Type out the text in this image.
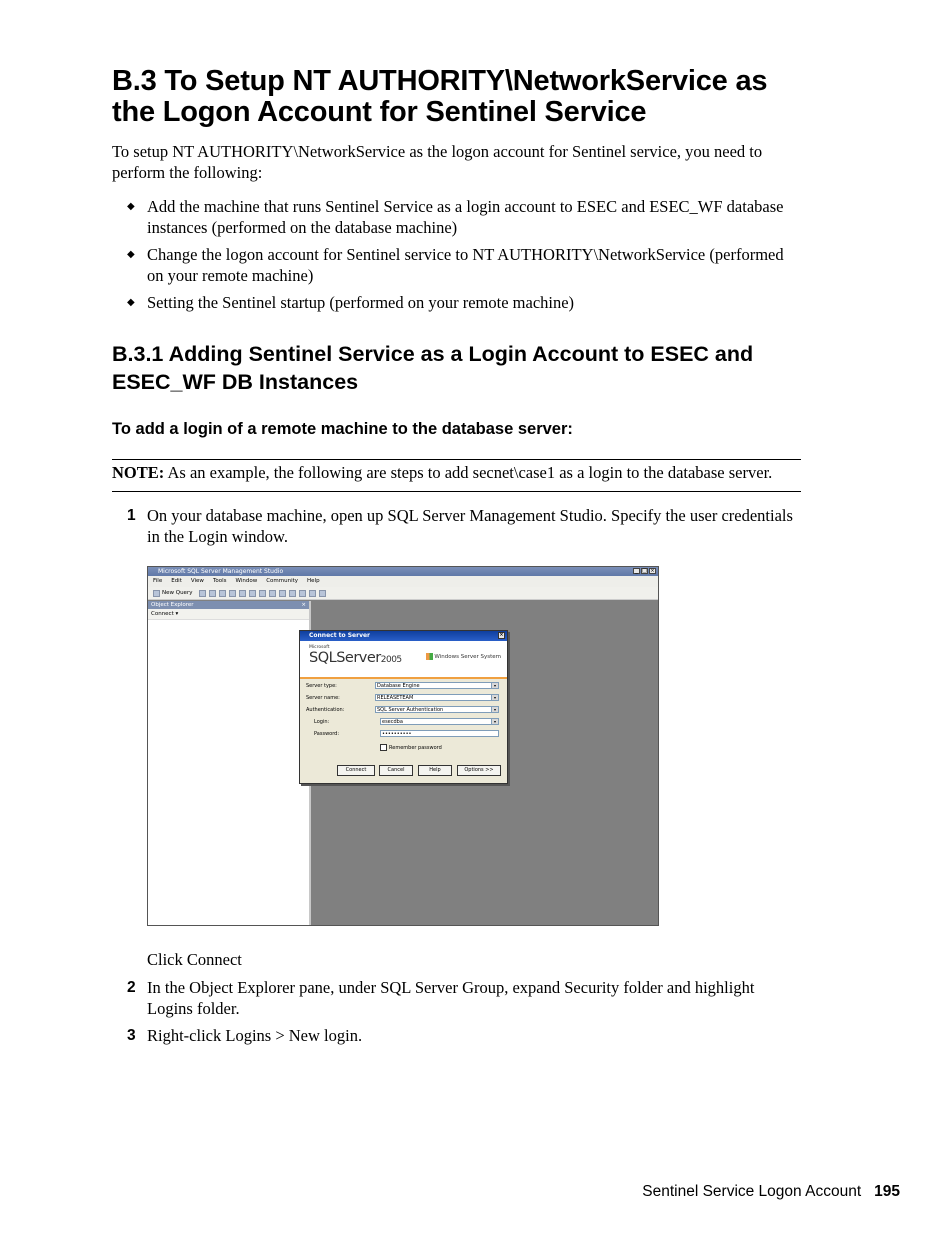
B.3 To Setup NT AUTHORITY\NetworkService as
the Logon Account for Sentinel Service

To setup NT AUTHORITY\NetworkService as the logon account for Sentinel service, you need to perform the following:

◆ Add the machine that runs Sentinel Service as a login account to ESEC and ESEC_WF database instances (performed on the database machine)
◆ Change the logon account for Sentinel service to NT AUTHORITY\NetworkService (performed on your remote machine)
◆ Setting the Sentinel startup (performed on your remote machine)
B.3.1 Adding Sentinel Service as a Login Account to ESEC and
ESEC_WF DB Instances

To add a login of a remote machine to the database server:

NOTE: As an example, the following are steps to add secnet\case1 as a login to the database server.
1 On your database machine, open up SQL Server Management Studio. Specify the user credentials in the Login window.
Microsoft SQL Server Management Studio	_ □ ×
File Edit View Tools Window Community Help
New Query
Object Explorer	×
Connect ▾
Connect to Server	×
Microsoft
SQLServer2005	Windows Server System
Server type:	Database Engine	▾
Server name:	RELEASETEAM	▾
Authentication:	SQL Server Authentication	▾
Login:	esecdba	▾
Password:	••••••••••
Remember password
Connect	Cancel	Help	Options >>
Click Connect
2 In the Object Explorer pane, under SQL Server Group, expand Security folder and highlight Logins folder.
3 Right-click Logins > New login.
Sentinel Service Logon Account 195
